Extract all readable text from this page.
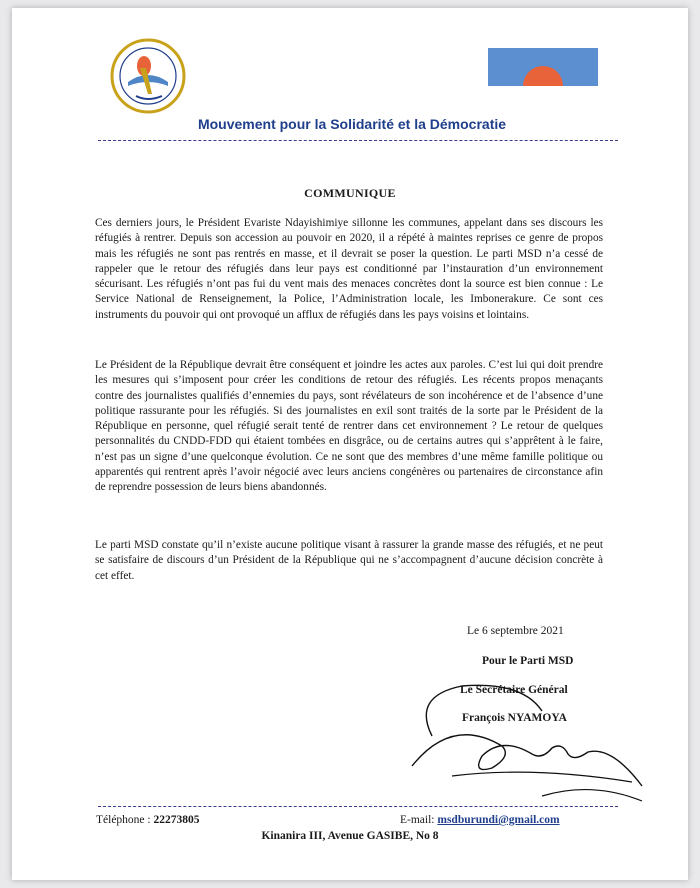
Mouvement pour la Solidarité et la Démocratie
COMMUNIQUE

Ces derniers jours, le Président Evariste Ndayishimiye sillonne les communes, appelant dans ses discours les réfugiés à rentrer. Depuis son accession au pouvoir en 2020, il a répété à maintes reprises ce genre de propos mais les réfugiés ne sont pas rentrés en masse, et il devrait se poser la question. Le parti MSD n’a cessé de rappeler que le retour des réfugiés dans leur pays est conditionné par l’instauration d’un environnement sécurisant. Les réfugiés n’ont pas fui du vent mais des menaces concrètes dont la source est bien connue : Le Service National de Renseignement, la Police, l’Administration locale, les Imbonerakure. Ce sont ces instruments du pouvoir qui ont provoqué un afflux de réfugiés dans les pays voisins et lointains.

Le Président de la République devrait être conséquent et joindre les actes aux paroles. C’est lui qui doit prendre les mesures qui s’imposent pour créer les conditions de retour des réfugiés. Les récents propos menaçants contre des journalistes qualifiés d’ennemies du pays, sont révélateurs de son incohérence et de l’absence d’une politique rassurante pour les réfugiés. Si des journalistes en exil sont traités de la sorte par le Président de la République en personne, quel réfugié serait tenté de rentrer dans cet environnement ? Le retour de quelques personnalités du CNDD-FDD qui étaient tombées en disgrâce, ou de certains autres qui s’apprêtent à le faire, n’est pas un signe d’une quelconque évolution. Ce ne sont que des membres d’une même famille politique ou apparentés qui rentrent après l’avoir négocié avec leurs anciens congénères ou partenaires de circonstance afin de reprendre possession de leurs biens abandonnés.

Le parti MSD constate qu’il n’existe aucune politique visant à rassurer la grande masse des réfugiés, et ne peut se satisfaire de discours d’un Président de la République qui ne s’accompagnent d’aucune décision concrète à cet effet.

Le 6 septembre 2021
Pour le Parti MSD
Le Secrétaire Général
François NYAMOYA
Téléphone : 22273805	E-mail: msdburundi@gmail.com
Kinanira III, Avenue GASIBE, No 8
